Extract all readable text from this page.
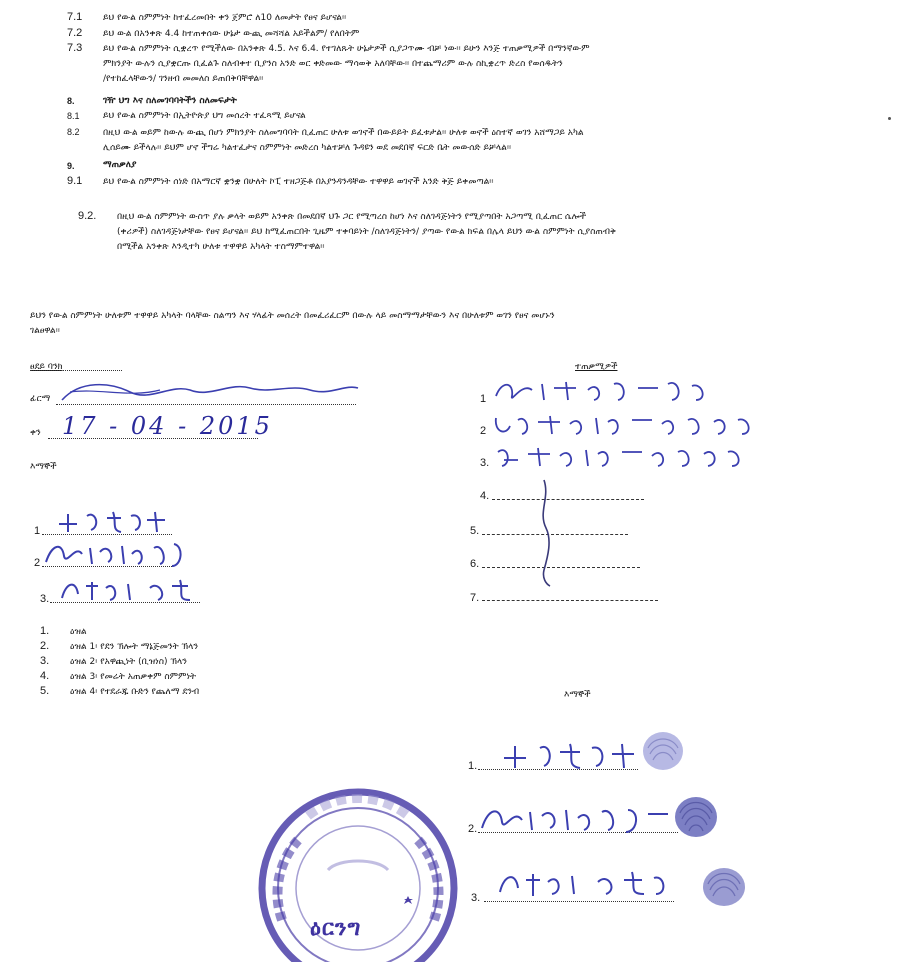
7.1 ይህ የውል ስምምነት ከተፈረመበት ቀን ጀምሮ ለ10 ለመታት የፀና ይሆናል፡፡
7.2 ይህ ውል በአንቀጽ 4.4 ከተጠቀሰው ሁኔታ ውጪ መሻሻል አይችልም/ የለበትም
7.3 ይህ የውል ስምምነት ሲቋረጥ የሚችለው በአንቀጽ 4.5. እና 6.4. የተገለጹት ሁኔታዎች ሲያጋጥሙ ብቻ ነው፡፡ ይሁን እንጅ ተጠቃሚዎች በማንኛውም
ምክንያት ውሉን ሲያቋርጡ ቢፈልጉ ስለብቀተ ቢያንስ አንድ ወር ቀድመው ማሳወቅ አለባቸው፡፡ በተጨማሪም ውሉ ስኪቋረጥ ድረስ የወሰዱትን
/የተከፈላቸውን/ ገንዘብ መመለስ ይጠበቅባቸዋል፡፡
8.	ገዥ ህግ እና ስለመገባባትችን ስለመፍታት
8.1	ይህ የውል ስምምነት በኢትዮጵያ ህግ መሰረት ተፈጻሚ ይሆናል
8.2	በዚህ ውል ወይም ከውሉ ውጪ በሆነ ምክንያት ስለመግባባት ቢፈጠር ሁለቱ ወገኖች በውይይት ይፈቱታል፡፡ ሁለቱ ወኖች ዕስተኛ ወገን አሸማጋይ አካል
ሊሰይሙ ይችላሉ፡፡ ይህም ሆኖ ችግሬ ካልተፈታና ስምምነት መድረስ ካልተቻለ ጉዳዩን ወደ መደበኛ ፍርድ ቤት መውሰድ ይቻላል፡፡
9.	ማጠቃለያ
9.1 ይህ የውል ስምምነት ሰነድ በአማርኛ ቋንቋ በሁለት ኮፒ ተዘጋጅቶ በአያንዳንዳቸው ተዋዋይ ወገኖች አንድ ቅጅ ይቀመጣል፡፡
9.2. በዚህ ውል ስምምነት ውስጥ ያሉ ቃላት ወይም አንቀጽ በመደበኛ ህጉ ጋር የሚጣረስ ከሆነ እና ስለገዳጅነትን የሚያጣበት አጋጣሚ ቢፈጠር ሴሎች
(ቀሪዎች) ስለገዳጅነታቸው የፀና ይሆናል፡፡ ይህ ከሚፈጠርበት ጊዜም ተቀባይነት /ስለገዳጅነትን/ ያጣው የውል ክፍል በሌላ ይህን ውል ስምምነት ሲያስጠብቅ
በሚችል አንቀጽ እንዲተካ ሁለቱ ተዋዋይ አካላት ተስማምተዋል፡፡
ይህን የውል ስምምነት ሁለቱም ተዋዋይ አካላት ባላቸው ስልጣን እና ሃላፊት መሰረት በመፈሪፈርም በውሉ ላይ መስማማታቸውን እና በሁለቱም ወገን የፀና መሆኑን
ገልፀዋል፡፡
ፀደይ ባንክ
ፊርማ
ቀን 17 - 04 - 2015
እማኞች
1
2
3.
ተጠቃሚዎች
1
2
3.
4.
5.
6.
7.
1. ዕዝል
2. ዕዝል 1፡ የደን ኽሎት ማኔጅመንት ኽላን
3. ዕዝል 2፡ የአዋጪነት (ቢዝነስ) ኽላን
4. ዕዝል 3፡ የመሬት አጠቃቀም ስምምነት
5. ዕዝል 4፡ የተደራጁ ቡድን የጨለማ ደንብ	እማኞች
1.
2.
3.
ዕርንግ
